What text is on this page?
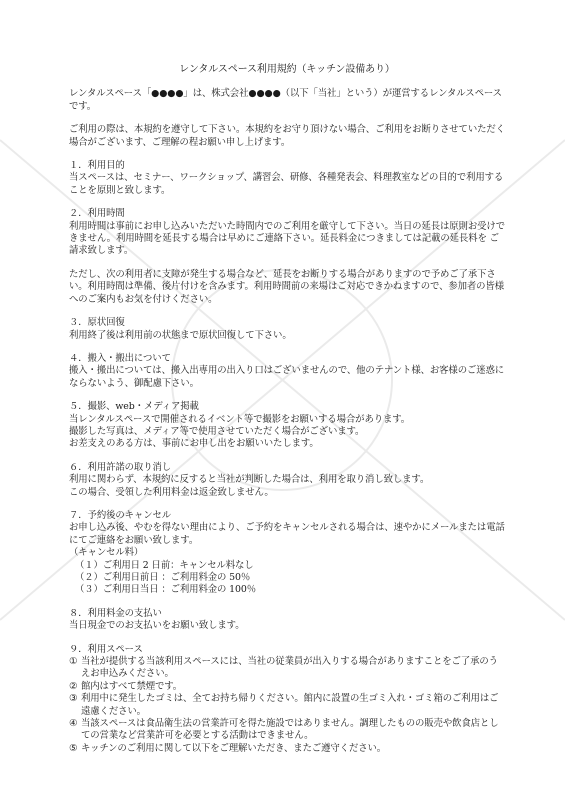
レンタルスペース利用規約（キッチン設備あり）

レンタルスペース「●●●●」は、株式会社●●●●（以下「当社」という）が運営するレンタルスペースです。

ご利用の際は、本規約を遵守して下さい。本規約をお守り頂けない場合、ご利用をお断りさせていただく場合がございます、ご理解の程お願い申し上げます。

１．利用目的

当スペースは、セミナー、ワークショップ、講習会、研修、各種発表会、料理教室などの目的で利用することを原則と致します。

２．利用時間

利用時間は事前にお申し込みいただいた時間内でのご利用を厳守して下さい。当日の延長は原則お受けできません。利用時間を延長する場合は早めにご連絡下さい。延長料金につきましては記載の延長料を ご請求致します。

ただし、次の利用者に支障が発生する場合など、延長をお断りする場合がありますので予めご了承下さい。利用時間は準備、後片付けを含みます。利用時間前の来場はご対応できかねますので、参加者の皆様へのご案内もお気を付けください。

３．原状回復

利用終了後は利用前の状態まで原状回復して下さい。

４．搬入・搬出について

搬入・搬出については、搬入出専用の出入り口はございませんので、他のテナント様、お客様のご迷惑にならないよう、御配慮下さい。

５．撮影、web・メディア掲載

当レンタルスペースで開催されるイベント等で撮影をお願いする場合があります。

撮影した写真は、メディア等で使用させていただく場合がございます。

お差支えのある方は、事前にお申し出をお願いいたします。

６．利用許諾の取り消し

利用に関わらず、本規約に反すると当社が判断した場合は、利用を取り消し致します。

この場合、受領した利用料金は返金致しません。

７．予約後のキャンセル

お申し込み後、やむを得ない理由により、ご予約をキャンセルされる場合は、速やかにメールまたは電話にてご連絡をお願い致します。

（キャンセル料）

（１）ご利用日 2 日前：キャンセル料なし

（２）ご利用日前日 ：ご利用料金の 50％

（３）ご利用日当日 ：ご利用料金の 100％

８．利用料金の支払い

当日現金でのお支払いをお願い致します。

９．利用スペース

① 当社が提供する当該利用スペースには、当社の従業員が出入りする場合がありますことをご了承のうえお申込みください。
② 館内はすべて禁煙です。
③ 利用中に発生したゴミは、全てお持ち帰りください。館内に設置の生ゴミ入れ・ゴミ箱のご利用はご遠慮ください。
④ 当該スペースは食品衛生法の営業許可を得た施設ではありません。調理したものの販売や飲食店としての営業など営業許可を必要とする活動はできません。
⑤ キッチンのご利用に関して以下をご理解いただき、またご遵守ください。
